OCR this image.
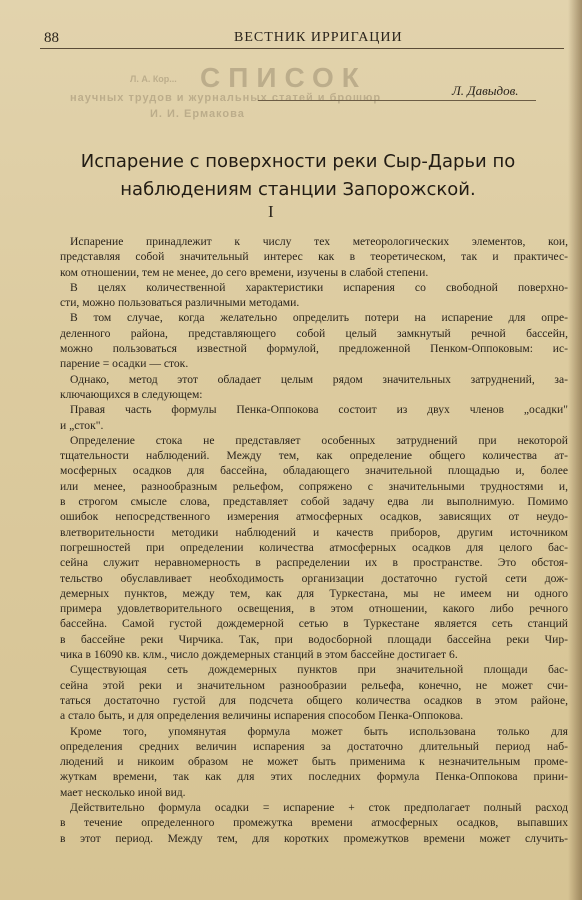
СПИСОК
Л. А. Кор...
научных трудов и журнальных статей и брошюр
И. И. Ермакова
88	ВЕСТНИК ИРРИГАЦИИ
Л. Давыдов.
Испарение с поверхности реки Сыр-Дарьи по наблюдениям станции Запорожской.
I
Испарение принадлежит к числу тех метеорологических элементов, кои,
представляя собой значительный интерес как в теоретическом, так и практичес-
ком отношении, тем не менее, до сего времени, изучены в слабой степени.
В целях количественной характеристики испарения со свободной поверхно-
сти, можно пользоваться различными методами.
В том случае, когда желательно определить потери на испарение для опре-
деленного района, представляющего собой целый замкнутый речной бассейн,
можно пользоваться известной формулой, предложенной Пенком-Оппоковым: ис-
парение = осадки — сток.
Однако, метод этот обладает целым рядом значительных затруднений, за-
ключающихся в следующем:
Правая часть формулы Пенка-Оппокова состоит из двух членов „осадки"
и „сток".
Определение стока не представляет особенных затруднений при некоторой
тщательности наблюдений. Между тем, как определение общего количества ат-
мосферных осадков для бассейна, обладающего значительной площадью и, более
или менее, разнообразным рельефом, сопряжено с значительными трудностями и,
в строгом смысле слова, представляет собой задачу едва ли выполнимую. Помимо
ошибок непосредственного измерения атмосферных осадков, зависящих от неудо-
влетворительности методики наблюдений и качеств приборов, другим источником
погрешностей при определении количества атмосферных осадков для целого бас-
сейна служит неравномерность в распределении их в пространстве. Это обстоя-
тельство обуславливает необходимость организации достаточно густой сети дож-
демерных пунктов, между тем, как для Туркестана, мы не имеем ни одного
примера удовлетворительного освещения, в этом отношении, какого либо речного
бассейна. Самой густой дождемерной сетью в Туркестане является сеть станций
в бассейне реки Чирчика. Так, при водосборной площади бассейна реки Чир-
чика в 16090 кв. клм., число дождемерных станций в этом бассейне достигает 6.
Существующая сеть дождемерных пунктов при значительной площади бас-
сейна этой реки и значительном разнообразии рельефа, конечно, не может счи-
таться достаточно густой для подсчета общего количества осадков в этом районе,
а стало быть, и для определения величины испарения способом Пенка-Оппокова.
Кроме того, упомянутая формула может быть использована только для
определения средних величин испарения за достаточно длительный период наб-
людений и никоим образом не может быть применима к незначительным проме-
жуткам времени, так как для этих последних формула Пенка-Оппокова прини-
мает несколько иной вид.
Действительно формула осадки = испарение + сток предполагает полный расход
в течение определенного промежутка времени атмосферных осадков, выпавших
в этот период. Между тем, для коротких промежутков времени может случить-
